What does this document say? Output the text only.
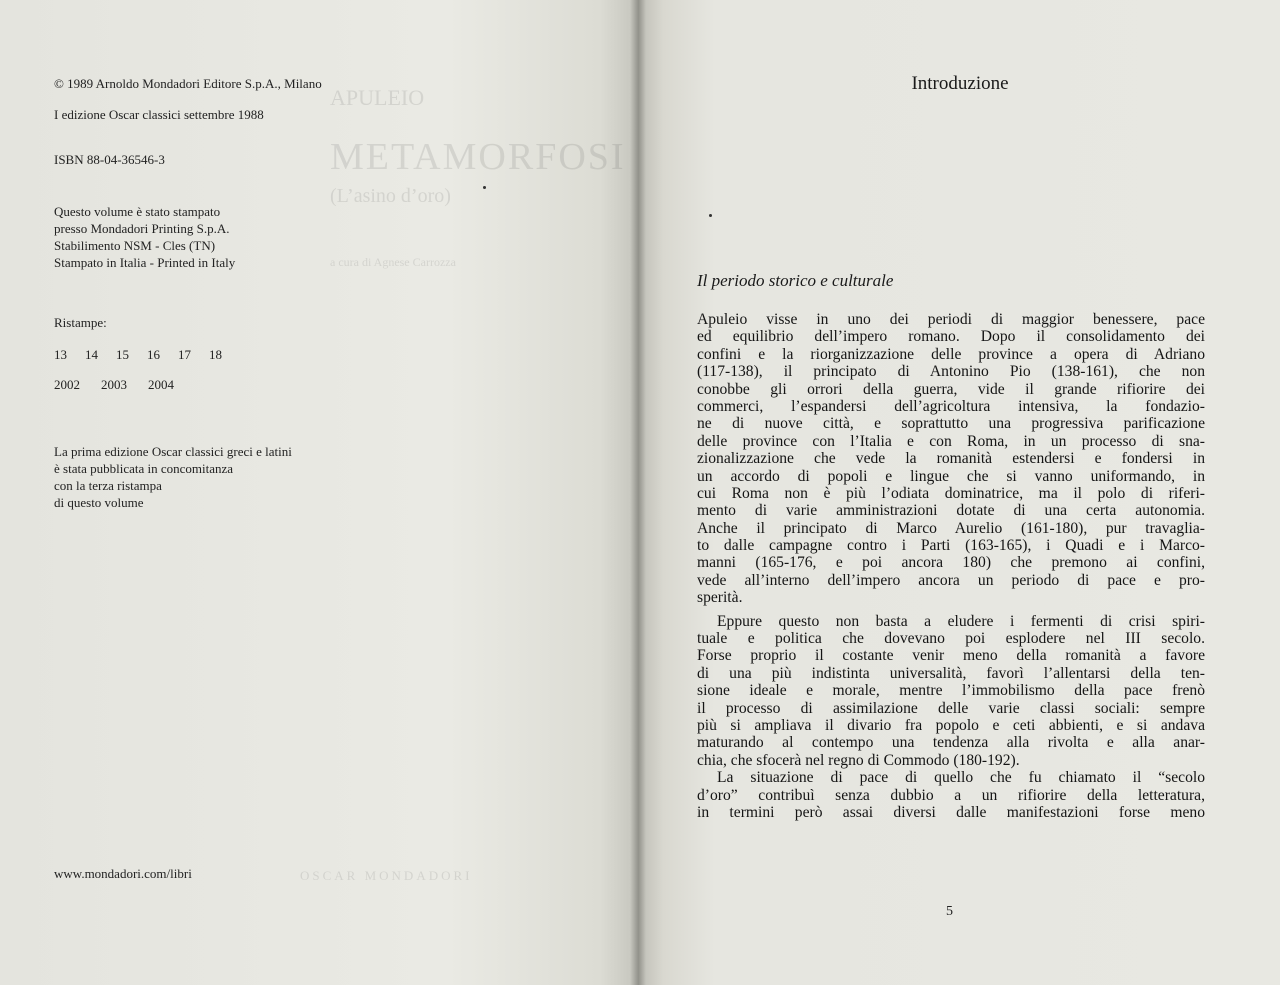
APULEIO
METAMORFOSI
(L’asino d’oro)
a cura di Agnese Carrozza
OSCAR MONDADORI
© 1989 Arnoldo Mondadori Editore S.p.A., Milano
I edizione Oscar classici settembre 1988
ISBN 88-04-36546-3
Questo volume è stato stampato
presso Mondadori Printing S.p.A.
Stabilimento NSM - Cles (TN)
Stampato in Italia - Printed in Italy
Ristampe:
13	14	15	16	17	18
2002	2003	2004
La prima edizione Oscar classici greci e latini
è stata pubblicata in concomitanza
con la terza ristampa
di questo volume
www.mondadori.com/libri
Introduzione
Il periodo storico e culturale
Apuleio visse in uno dei periodi di maggior benessere, pace
ed equilibrio dell’impero romano. Dopo il consolidamento dei
confini e la riorganizzazione delle province a opera di Adriano
(117-138), il principato di Antonino Pio (138-161), che non
conobbe gli orrori della guerra, vide il grande rifiorire dei
commerci, l’espandersi dell’agricoltura intensiva, la fondazio-
ne di nuove città, e soprattutto una progressiva parificazione
delle province con l’Italia e con Roma, in un processo di sna-
zionalizzazione che vede la romanità estendersi e fondersi in
un accordo di popoli e lingue che si vanno uniformando, in
cui Roma non è più l’odiata dominatrice, ma il polo di riferi-
mento di varie amministrazioni dotate di una certa autonomia.
Anche il principato di Marco Aurelio (161-180), pur travaglia-
to dalle campagne contro i Parti (163-165), i Quadi e i Marco-
manni (165-176, e poi ancora 180) che premono ai confini,
vede all’interno dell’impero ancora un periodo di pace e pro-
sperità.
Eppure questo non basta a eludere i fermenti di crisi spiri-
tuale e politica che dovevano poi esplodere nel III secolo.
Forse proprio il costante venir meno della romanità a favore
di una più indistinta universalità, favorì l’allentarsi della ten-
sione ideale e morale, mentre l’immobilismo della pace frenò
il processo di assimilazione delle varie classi sociali: sempre
più si ampliava il divario fra popolo e ceti abbienti, e si andava
maturando al contempo una tendenza alla rivolta e alla anar-
chia, che sfocerà nel regno di Commodo (180-192).
La situazione di pace di quello che fu chiamato il “secolo
d’oro” contribuì senza dubbio a un rifiorire della letteratura,
in termini però assai diversi dalle manifestazioni forse meno
5
